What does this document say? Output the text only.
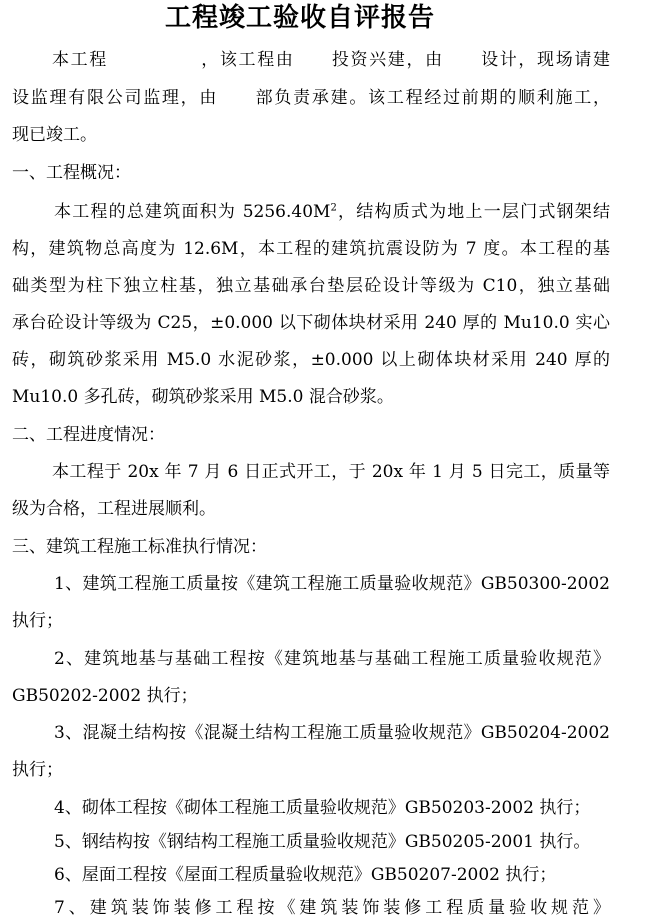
工程竣工验收自评报告
本工程　　　　　，该工程由　　投资兴建，由　　设计，现场请建
设监理有限公司监理，由　　部负责承建。该工程经过前期的顺利施工，
现已竣工。
一、工程概况：
本工程的总建筑面积为 $5256.40M^2$，结构质式为地上一层门式钢架结
构，建筑物总高度为 12.6M，本工程的建筑抗震设防为 7 度。本工程的基
础类型为柱下独立柱基，独立基础承台垫层砼设计等级为 C10，独立基础
承台砼设计等级为 C25，±0.000 以下砌体块材采用 240 厚的 Mu10.0 实心
砖，砌筑砂浆采用 M5.0 水泥砂浆，±0.000 以上砌体块材采用 240 厚的
Mu10.0 多孔砖，砌筑砂浆采用 M5.0 混合砂浆。
二、工程进度情况：
本工程于 20x 年 7 月 6 日正式开工，于 20x 年 1 月 5 日完工，质量等
级为合格，工程进展顺利。
三、建筑工程施工标准执行情况：
1、建筑工程施工质量按《建筑工程施工质量验收规范》GB50300-2002
执行；
2、建筑地基与基础工程按《建筑地基与基础工程施工质量验收规范》
GB50202-2002 执行；
3、混凝土结构按《混凝土结构工程施工质量验收规范》GB50204-2002
执行；
4、砌体工程按《砌体工程施工质量验收规范》GB50203-2002 执行；
5、钢结构按《钢结构工程施工质量验收规范》GB50205-2001 执行。
6、屋面工程按《屋面工程质量验收规范》GB50207-2002 执行；
7、建筑装饰装修工程按《建筑装饰装修工程质量验收规范》
